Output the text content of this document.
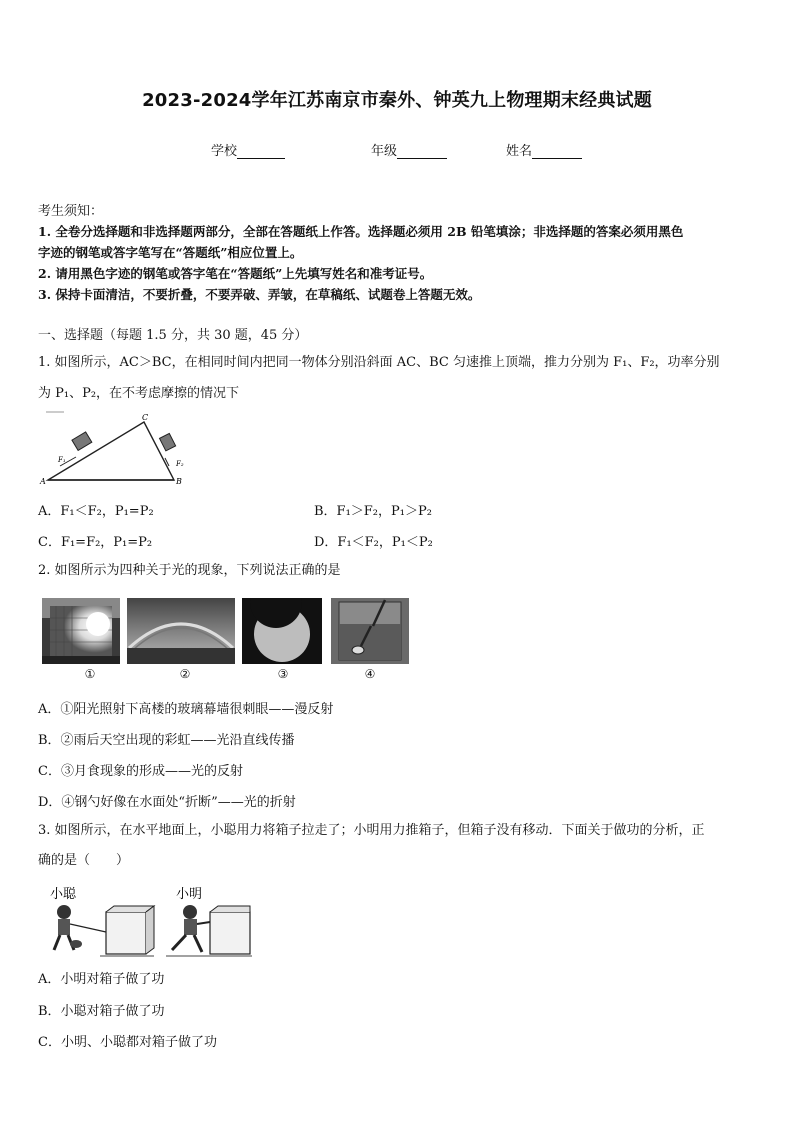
2023-2024学年江苏南京市秦外、钟英九上物理期末经典试题
学校	年级	姓名
考生须知：
1. 全卷分选择题和非选择题两部分，全部在答题纸上作答。选择题必须用 2B 铅笔填涂；非选择题的答案必须用黑色
字迹的钢笔或答字笔写在“答题纸”相应位置上。
2. 请用黑色字迹的钢笔或答字笔在“答题纸”上先填写姓名和准考证号。
3. 保持卡面清洁，不要折叠，不要弄破、弄皱，在草稿纸、试题卷上答题无效。
一、选择题（每题 1.5 分，共 30 题，45 分）
1. 如图所示，AC＞BC，在相同时间内把同一物体分别沿斜面 AC、BC 匀速推上顶端，推力分别为 F₁、F₂，功率分别
为 P₁、P₂，在不考虑摩擦的情况下
C
A	B
F₁	F₂
A．F₁＜F₂，P₁=P₂	B．F₁＞F₂，P₁＞P₂
C．F₁=F₂，P₁=P₂	D．F₁＜F₂，P₁＜P₂
2. 如图所示为四种关于光的现象，下列说法正确的是
①	②	③	④
A．①阳光照射下高楼的玻璃幕墙很刺眼——漫反射
B．②雨后天空出现的彩虹——光沿直线传播
C．③月食现象的形成——光的反射
D．④钢勺好像在水面处“折断”——光的折射
3. 如图所示，在水平地面上，小聪用力将箱子拉走了；小明用力推箱子，但箱子没有移动．下面关于做功的分析，正
确的是（　　）
小聪	小明
A．小明对箱子做了功
B．小聪对箱子做了功
C．小明、小聪都对箱子做了功
